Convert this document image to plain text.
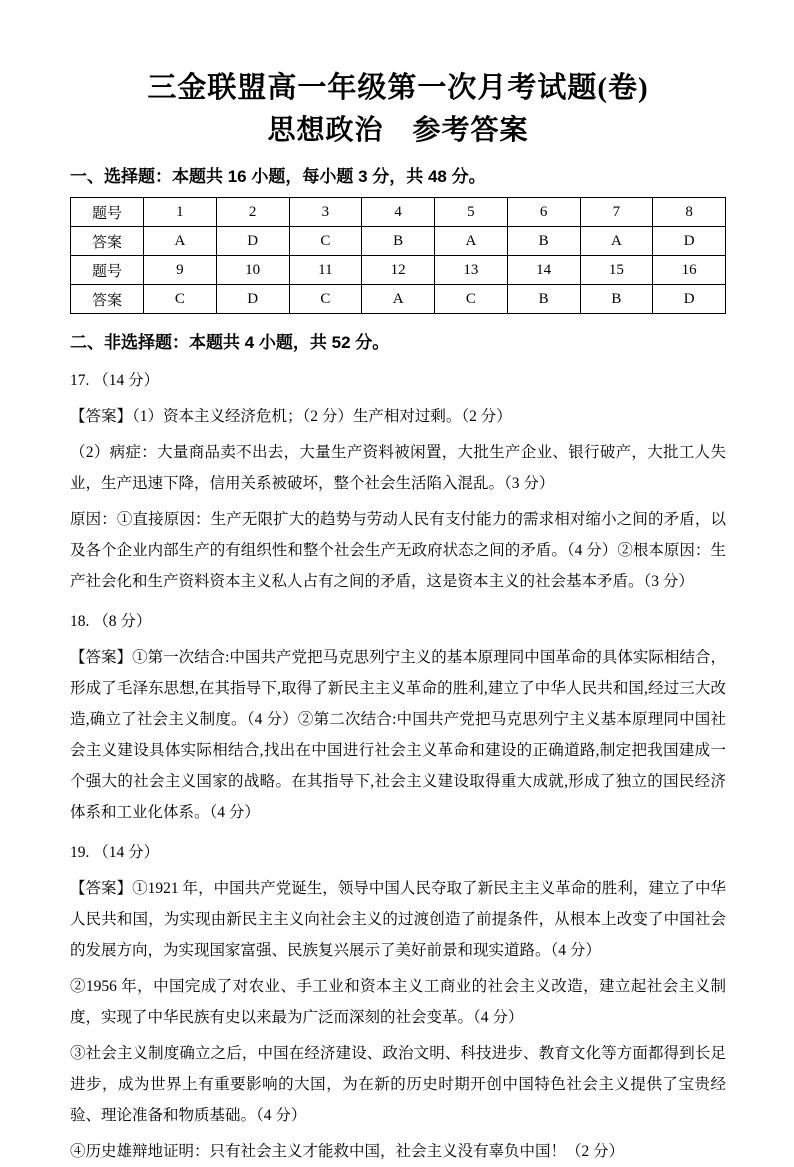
三金联盟高一年级第一次月考试题(卷)
思想政治　参考答案

一、选择题：本题共 16 小题，每小题 3 分，共 48 分。

题号	1	2	3	4	5	6	7	8
答案	A	D	C	B	A	B	A	D
题号	9	10	11	12	13	14	15	16
答案	C	D	C	A	C	B	B	D

二、非选择题：本题共 4 小题，共 52 分。

17. （14 分）

【答案】（1）资本主义经济危机；（2 分）生产相对过剩。（2 分）

（2）病症：大量商品卖不出去，大量生产资料被闲置，大批生产企业、银行破产，大批工人失业，生产迅速下降，信用关系被破坏，整个社会生活陷入混乱。（3 分）

原因：①直接原因：生产无限扩大的趋势与劳动人民有支付能力的需求相对缩小之间的矛盾，以及各个企业内部生产的有组织性和整个社会生产无政府状态之间的矛盾。（4 分）②根本原因：生产社会化和生产资料资本主义私人占有之间的矛盾，这是资本主义的社会基本矛盾。（3 分）

18. （8 分）

【答案】①第一次结合:中国共产党把马克思列宁主义的基本原理同中国革命的具体实际相结合，形成了毛泽东思想,在其指导下,取得了新民主主义革命的胜利,建立了中华人民共和国,经过三大改造,确立了社会主义制度。（4 分）②第二次结合:中国共产党把马克思列宁主义基本原理同中国社会主义建设具体实际相结合,找出在中国进行社会主义革命和建设的正确道路,制定把我国建成一个强大的社会主义国家的战略。在其指导下,社会主义建设取得重大成就,形成了独立的国民经济体系和工业化体系。（4 分）

19. （14 分）

【答案】①1921 年，中国共产党诞生，领导中国人民夺取了新民主主义革命的胜利，建立了中华人民共和国，为实现由新民主主义向社会主义的过渡创造了前提条件，从根本上改变了中国社会的发展方向，为实现国家富强、民族复兴展示了美好前景和现实道路。（4 分）

②1956 年，中国完成了对农业、手工业和资本主义工商业的社会主义改造，建立起社会主义制度，实现了中华民族有史以来最为广泛而深刻的社会变革。（4 分）

③社会主义制度确立之后，中国在经济建设、政治文明、科技进步、教育文化等方面都得到长足进步，成为世界上有重要影响的大国，为在新的历史时期开创中国特色社会主义提供了宝贵经验、理论准备和物质基础。（4 分）

④历史雄辩地证明：只有社会主义才能救中国，社会主义没有辜负中国！（2 分）
